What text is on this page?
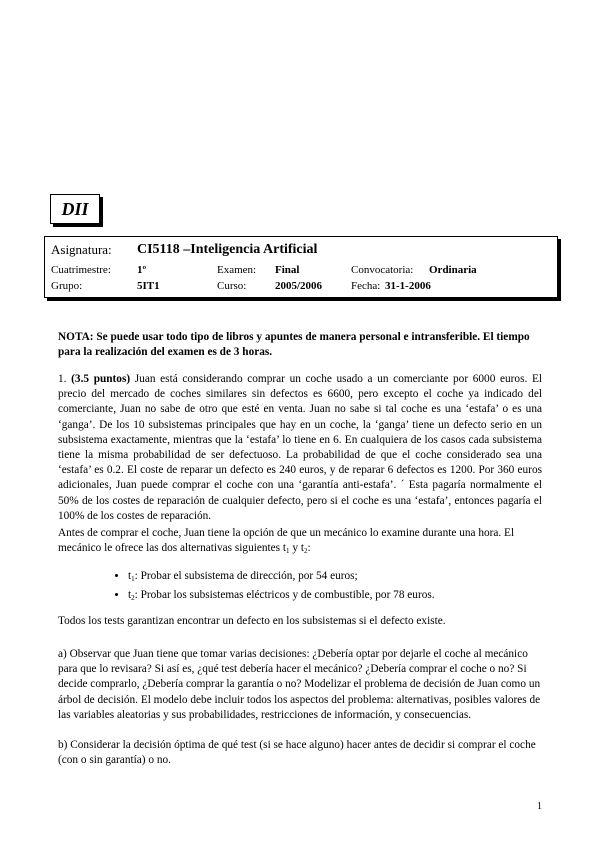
DII
Asignatura: CI5118 –Inteligencia Artificial
Cuatrimestre: 1º	Examen: Final	Convocatoria: Ordinaria
Grupo:	5IT1	Curso:	2005/2006	Fecha: 31-1-2006
NOTA: Se puede usar todo tipo de libros y apuntes de manera personal e intransferible. El tiempo para la realización del examen es de 3 horas.
1. (3.5 puntos) Juan está considerando comprar un coche usado a un comerciante por 6000 euros. El precio del mercado de coches similares sin defectos es 6600, pero excepto el coche ya indicado del comerciante, Juan no sabe de otro que esté en venta. Juan no sabe si tal coche es una ‘estafa’ o es una ‘ganga’. De los 10 subsistemas principales que hay en un coche, la ‘ganga’ tiene un defecto serio en un subsistema exactamente, mientras que la ‘estafa’ lo tiene en 6. En cualquiera de los casos cada subsistema tiene la misma probabilidad de ser defectuoso. La probabilidad de que el coche considerado sea una ‘estafa’ es 0.2. El coste de reparar un defecto es 240 euros, y de reparar 6 defectos es 1200. Por 360 euros adicionales, Juan puede comprar el coche con una ‘garantía anti-estafa’. ´ Esta pagaría normalmente el 50% de los costes de reparación de cualquier defecto, pero si el coche es una ‘estafa’, entonces pagaría el 100% de los costes de reparación.
Antes de comprar el coche, Juan tiene la opción de que un mecánico lo examine durante una hora. El mecánico le ofrece las dos alternativas siguientes $t_1$ y $t_2$:
• $t_1$: Probar el subsistema de dirección, por 54 euros;
• $t_2$: Probar los subsistemas eléctricos y de combustible, por 78 euros.
Todos los tests garantizan encontrar un defecto en los subsistemas si el defecto existe.
a) Observar que Juan tiene que tomar varias decisiones: ¿Debería optar por dejarle el coche al mecánico para que lo revisara? Si así es, ¿qué test debería hacer el mecánico? ¿Debería comprar el coche o no? Si decide comprarlo, ¿Debería comprar la garantía o no? Modelizar el problema de decisión de Juan como un árbol de decisión. El modelo debe incluir todos los aspectos del problema: alternativas, posibles valores de las variables aleatorias y sus probabilidades, restricciones de información, y consecuencias.
b) Considerar la decisión óptima de qué test (si se hace alguno) hacer antes de decidir si comprar el coche (con o sin garantía) o no.
1
